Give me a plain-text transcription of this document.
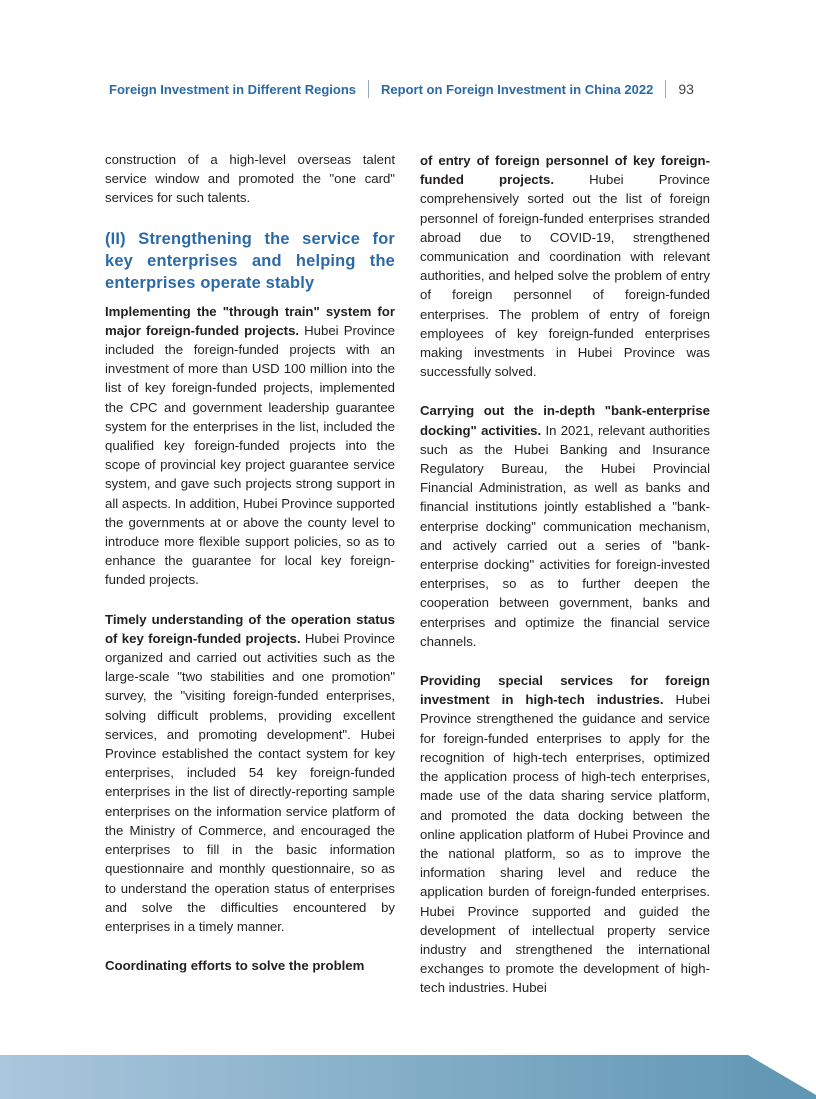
Foreign Investment in Different Regions Report on Foreign Investment in China 2022 93

construction of a high-level overseas talent service window and promoted the "one card" services for such talents.

(II) Strengthening the service for key enterprises and helping the enterprises operate stably

Implementing the "through train" system for major foreign-funded projects. Hubei Province included the foreign-funded projects with an investment of more than USD 100 million into the list of key foreign-funded projects, implemented the CPC and government leadership guarantee system for the enterprises in the list, included the qualified key foreign-funded projects into the scope of provincial key project guarantee service system, and gave such projects strong support in all aspects. In addition, Hubei Province supported the governments at or above the county level to introduce more flexible support policies, so as to enhance the guarantee for local key foreign-funded projects.

Timely understanding of the operation status of key foreign-funded projects. Hubei Province organized and carried out activities such as the large-scale "two stabilities and one promotion" survey, the "visiting foreign-funded enterprises, solving difficult problems, providing excellent services, and promoting development". Hubei Province established the contact system for key enterprises, included 54 key foreign-funded enterprises in the list of directly-reporting sample enterprises on the information service platform of the Ministry of Commerce, and encouraged the enterprises to fill in the basic information questionnaire and monthly questionnaire, so as to understand the operation status of enterprises and solve the difficulties encountered by enterprises in a timely manner.

Coordinating efforts to solve the problem

of entry of foreign personnel of key foreign-funded projects. Hubei Province comprehensively sorted out the list of foreign personnel of foreign-funded enterprises stranded abroad due to COVID-19, strengthened communication and coordination with relevant authorities, and helped solve the problem of entry of foreign personnel of foreign-funded enterprises. The problem of entry of foreign employees of key foreign-funded enterprises making investments in Hubei Province was successfully solved.

Carrying out the in-depth "bank-enterprise docking" activities. In 2021, relevant authorities such as the Hubei Banking and Insurance Regulatory Bureau, the Hubei Provincial Financial Administration, as well as banks and financial institutions jointly established a "bank-enterprise docking" communication mechanism, and actively carried out a series of "bank-enterprise docking" activities for foreign-invested enterprises, so as to further deepen the cooperation between government, banks and enterprises and optimize the financial service channels.

Providing special services for foreign investment in high-tech industries. Hubei Province strengthened the guidance and service for foreign-funded enterprises to apply for the recognition of high-tech enterprises, optimized the application process of high-tech enterprises, made use of the data sharing service platform, and promoted the data docking between the online application platform of Hubei Province and the national platform, so as to improve the information sharing level and reduce the application burden of foreign-funded enterprises. Hubei Province supported and guided the development of intellectual property service industry and strengthened the international exchanges to promote the development of high-tech industries. Hubei
